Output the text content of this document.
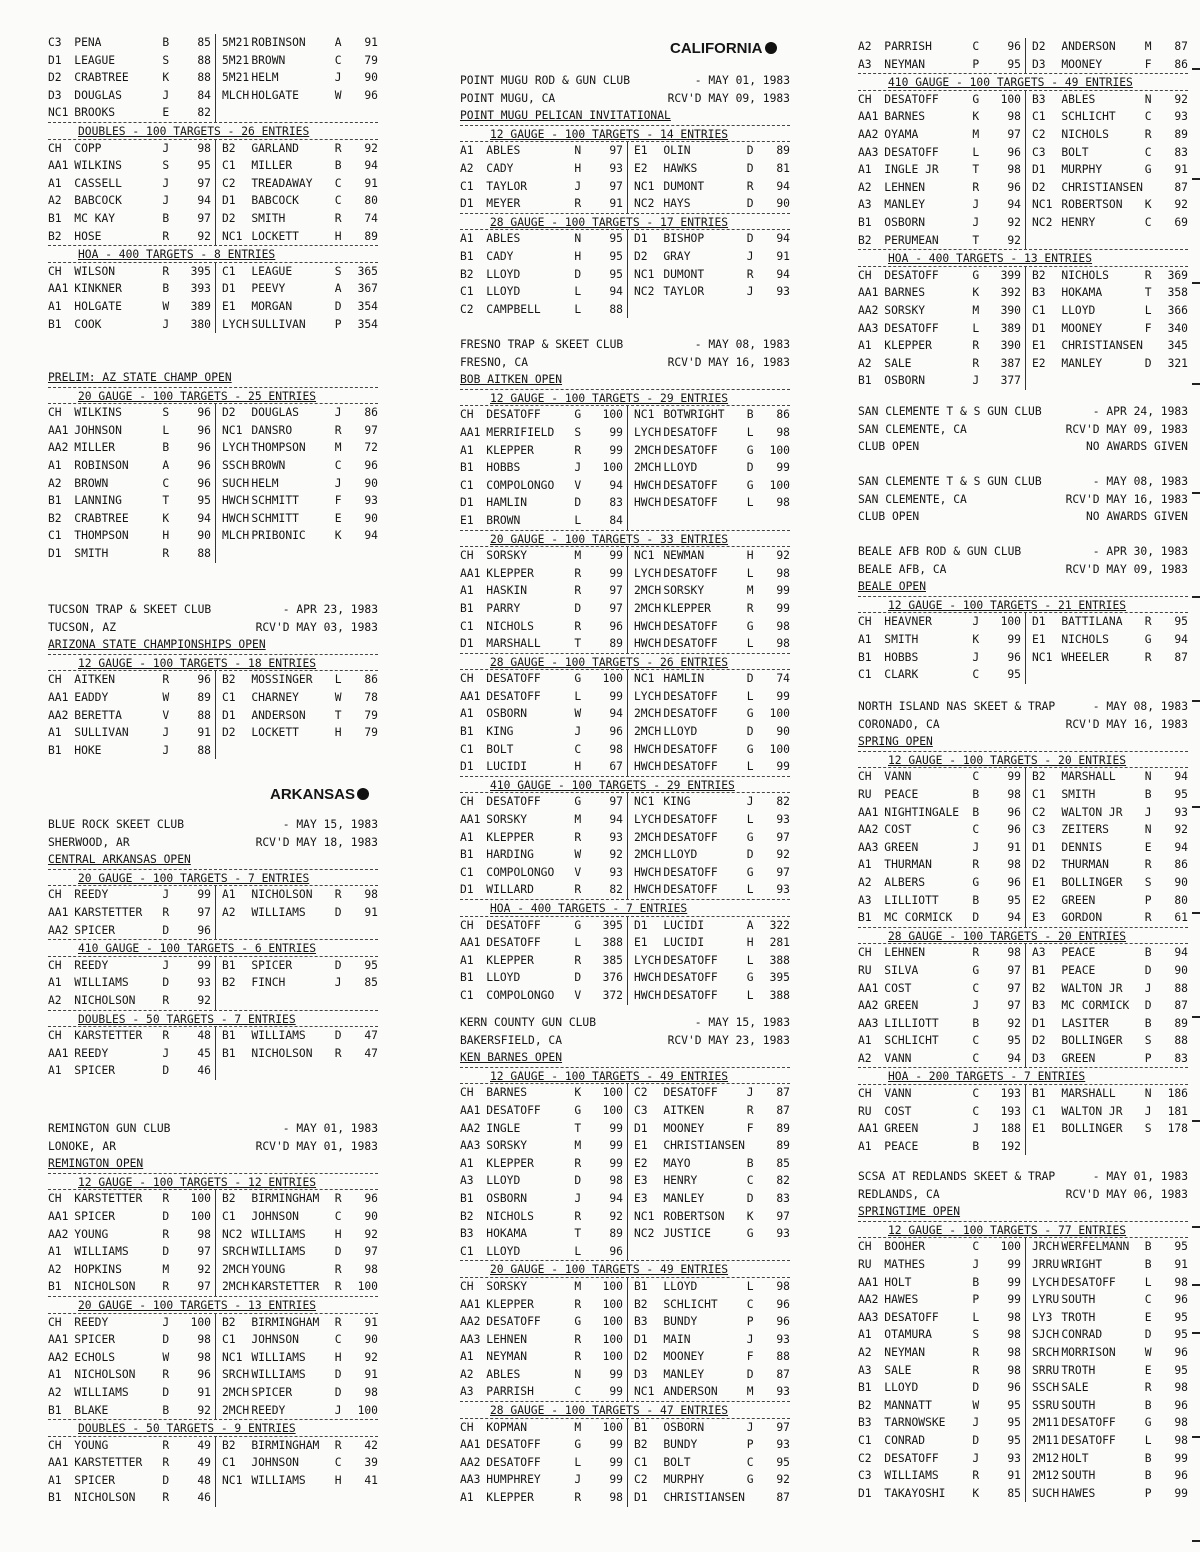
C3	PENA	B	85 5M21 ROBINSON	A	91
D1	LEAGUE	S	88 5M21 BROWN	C	79
D2	CRABTREE	K	88 5M21 HELM	J	90
D3	DOUGLAS	J	84 MLCH HOLGATE	W	96
NC1 BROOKS	E	82
DOUBLES - 100 TARGETS - 26 ENTRIES
CH	COPP	J	98 B2	GARLAND	R	92
AA1 WILKINS	S	95 C1	MILLER	B	94
A1	CASSELL	J	97 C2	TREADAWAY	C	91
A2	BABCOCK	J	94 D1	BABCOCK	C	80
B1	MC KAY	B	97 D2	SMITH	R	74
B2	HOSE	R	92 NC1 LOCKETT	H	89
HOA - 400 TARGETS - 8 ENTRIES
CH	WILSON	R	395 C1	LEAGUE	S	365
AA1 KINKNER	B	393 D1	PEEVY	A	367
A1	HOLGATE	W	389 E1	MORGAN	D	354
B1	COOK	J	380 LYCH SULLIVAN	P	354
PRELIM: AZ STATE CHAMP OPEN
20 GAUGE - 100 TARGETS - 25 ENTRIES
CH	WILKINS	S	96 D2	DOUGLAS	J	86
AA1 JOHNSON	L	96 NC1 DANSRO	R	97
AA2 MILLER	B	96 LYCH THOMPSON	M	72
A1	ROBINSON	A	96 SSCH BROWN	C	96
A2	BROWN	C	96 SUCH HELM	J	90
B1	LANNING	T	95 HWCH SCHMITT	F	93
B2	CRABTREE	K	94 HWCH SCHMITT	E	90
C1	THOMPSON	H	90 MLCH PRIBONIC	K	94
D1	SMITH	R	88
TUCSON TRAP & SKEET CLUB	- APR 23, 1983
TUCSON, AZ	RCV'D MAY 03, 1983
ARIZONA STATE CHAMPIONSHIPS OPEN
12 GAUGE - 100 TARGETS - 18 ENTRIES
CH	AITKEN	R	96 B2	MOSSINGER	L	86
AA1 EADDY	W	89 C1	CHARNEY	W	78
AA2 BERETTA	V	88 D1	ANDERSON	T	79
A1	SULLIVAN	J	91 D2	LOCKETT	H	79
B1	HOKE	J	88
BLUE ROCK SKEET CLUB	- MAY 15, 1983
SHERWOOD, AR	RCV'D MAY 18, 1983
CENTRAL ARKANSAS OPEN
20 GAUGE - 100 TARGETS - 7 ENTRIES
CH	REEDY	J	99 A1	NICHOLSON	R	98
AA1 KARSTETTER	R	97 A2	WILLIAMS	D	91
AA2 SPICER	D	96
410 GAUGE - 100 TARGETS - 6 ENTRIES
CH	REEDY	J	99 B1	SPICER	D	95
A1	WILLIAMS	D	93 B2	FINCH	J	85
A2	NICHOLSON	R	92
DOUBLES - 50 TARGETS - 7 ENTRIES
CH	KARSTETTER	R	48 B1	WILLIAMS	D	47
AA1 REEDY	J	45 B1	NICHOLSON	R	47
A1	SPICER	D	46
REMINGTON GUN CLUB	- MAY 01, 1983
LONOKE, AR	RCV'D MAY 01, 1983
REMINGTON OPEN
12 GAUGE - 100 TARGETS - 12 ENTRIES
CH	KARSTETTER	R	100 B2	BIRMINGHAM	R	96
AA1 SPICER	D	100 C1	JOHNSON	C	90
AA2 YOUNG	R	98 NC2 WILLIAMS	H	92
A1	WILLIAMS	D	97 SRCH WILLIAMS	D	97
A2	HOPKINS	M	92 2MCH YOUNG	R	98
B1	NICHOLSON	R	97 2MCH KARSTETTER	R	100
20 GAUGE - 100 TARGETS - 13 ENTRIES
CH	REEDY	J	100 B2	BIRMINGHAM	R	91
AA1 SPICER	D	98 C1	JOHNSON	C	90
AA2 ECHOLS	W	98 NC1 WILLIAMS	H	92
A1	NICHOLSON	R	96 SRCH WILLIAMS	D	91
A2	WILLIAMS	D	91 2MCH SPICER	D	98
B1	BLAKE	B	92 2MCH REEDY	J	100
DOUBLES - 50 TARGETS - 9 ENTRIES
CH	YOUNG	R	49 B2	BIRMINGHAM	R	42
AA1 KARSTETTER	R	49 C1	JOHNSON	C	39
A1	SPICER	D	48 NC1 WILLIAMS	H	41
B1	NICHOLSON	R	46
POINT MUGU ROD & GUN CLUB	- MAY 01, 1983
POINT MUGU, CA	RCV'D MAY 09, 1983
POINT MUGU PELICAN INVITATIONAL
12 GAUGE - 100 TARGETS - 14 ENTRIES
A1	ABLES	N	97 E1	OLIN	D	89
A2	CADY	H	93 E2	HAWKS	D	81
C1	TAYLOR	J	97 NC1 DUMONT	R	94
D1	MEYER	R	91 NC2 HAYS	D	90
28 GAUGE - 100 TARGETS - 17 ENTRIES
A1	ABLES	N	95 D1	BISHOP	D	94
B1	CADY	H	95 D2	GRAY	J	91
B2	LLOYD	D	95 NC1 DUMONT	R	94
C1	LLOYD	L	94 NC2 TAYLOR	J	93
C2	CAMPBELL	L	88
FRESNO TRAP & SKEET CLUB	- MAY 08, 1983
FRESNO, CA	RCV'D MAY 16, 1983
BOB AITKEN OPEN
12 GAUGE - 100 TARGETS - 29 ENTRIES
CH	DESATOFF	G	100 NC1 BOTWRIGHT	B	86
AA1 MERRIFIELD	S	99 LYCH DESATOFF	L	98
A1	KLEPPER	R	99 2MCH DESATOFF	G	100
B1	HOBBS	J	100 2MCH LLOYD	D	99
C1	COMPOLONGO	V	94 HWCH DESATOFF	G	100
D1	HAMLIN	D	83 HWCH DESATOFF	L	98
E1	BROWN	L	84
20 GAUGE - 100 TARGETS - 33 ENTRIES
CH	SORSKY	M	99 NC1 NEWMAN	H	92
AA1 KLEPPER	R	99 LYCH DESATOFF	L	98
A1	HASKIN	R	97 2MCH SORSKY	M	99
B1	PARRY	D	97 2MCH KLEPPER	R	99
C1	NICHOLS	R	96 HWCH DESATOFF	G	98
D1	MARSHALL	T	89 HWCH DESATOFF	L	98
28 GAUGE - 100 TARGETS - 26 ENTRIES
CH	DESATOFF	G	100 NC1 HAMLIN	D	74
AA1 DESATOFF	L	99 LYCH DESATOFF	L	99
A1	OSBORN	W	94 2MCH DESATOFF	G	100
B1	KING	J	96 2MCH LLOYD	D	90
C1	BOLT	C	98 HWCH DESATOFF	G	100
D1	LUCIDI	H	67 HWCH DESATOFF	L	99
410 GAUGE - 100 TARGETS - 29 ENTRIES
CH	DESATOFF	G	97 NC1 KING	J	82
AA1 SORSKY	M	94 LYCH DESATOFF	L	93
A1	KLEPPER	R	93 2MCH DESATOFF	G	97
B1	HARDING	W	92 2MCH LLOYD	D	92
C1	COMPOLONGO	V	93 HWCH DESATOFF	G	97
D1	WILLARD	R	82 HWCH DESATOFF	L	93
HOA - 400 TARGETS - 7 ENTRIES
CH	DESATOFF	G	395 D1	LUCIDI	A	322
AA1 DESATOFF	L	388 E1	LUCIDI	H	281
A1	KLEPPER	R	385 LYCH DESATOFF	L	388
B1	LLOYD	D	376 HWCH DESATOFF	G	395
C1	COMPOLONGO	V	372 HWCH DESATOFF	L	388
KERN COUNTY GUN CLUB	- MAY 15, 1983
BAKERSFIELD, CA	RCV'D MAY 23, 1983
KEN BARNES OPEN
12 GAUGE - 100 TARGETS - 49 ENTRIES
CH	BARNES	K	100 C2	DESATOFF	J	87
AA1 DESATOFF	G	100 C3	AITKEN	R	87
AA2 INGLE	T	99 D1	MOONEY	F	89
AA3 SORSKY	M	99 E1	CHRISTIANSEN	89
A1	KLEPPER	R	99 E2	MAYO	B	85
A3	LLOYD	D	98 E3	HENRY	C	82
B1	OSBORN	J	94 E3	MANLEY	D	83
B2	NICHOLS	R	92 NC1 ROBERTSON	K	97
B3	HOKAMA	T	89 NC2 JUSTICE	G	93
C1	LLOYD	L	96
20 GAUGE - 100 TARGETS - 49 ENTRIES
CH	SORSKY	M	100 B1	LLOYD	L	98
AA1 KLEPPER	R	100 B2	SCHLICHT	C	96
AA2 DESATOFF	G	100 B3	BUNDY	P	96
AA3 LEHNEN	R	100 D1	MAIN	J	93
A1	NEYMAN	R	100 D2	MOONEY	F	88
A2	ABLES	N	99 D3	MANLEY	D	87
A3	PARRISH	C	99 NC1 ANDERSON	M	93
28 GAUGE - 100 TARGETS - 47 ENTRIES
CH	KOPMAN	M	100 B1	OSBORN	J	97
AA1 DESATOFF	G	99 B2	BUNDY	P	93
AA2 DESATOFF	L	99 C1	BOLT	C	95
AA3 HUMPHREY	J	99 C2	MURPHY	G	92
A1	KLEPPER	R	98 D1	CHRISTIANSEN	87
A2	PARRISH	C	96 D2	ANDERSON	M	87
A3	NEYMAN	P	95 D3	MOONEY	F	86
410 GAUGE - 100 TARGETS - 49 ENTRIES
CH	DESATOFF	G	100 B3	ABLES	N	92
AA1 BARNES	K	98 C1	SCHLICHT	C	93
AA2 OYAMA	M	97 C2	NICHOLS	R	89
AA3 DESATOFF	L	96 C3	BOLT	C	83
A1	INGLE JR	T	98 D1	MURPHY	G	91
A2	LEHNEN	R	96 D2	CHRISTIANSEN	87
A3	MANLEY	J	94 NC1 ROBERTSON	K	92
B1	OSBORN	J	92 NC2 HENRY	C	69
B2	PERUMEAN	T	92
HOA - 400 TARGETS - 13 ENTRIES
CH	DESATOFF	G	399 B2	NICHOLS	R	369
AA1 BARNES	K	392 B3	HOKAMA	T	358
AA2 SORSKY	M	390 C1	LLOYD	L	366
AA3 DESATOFF	L	389 D1	MOONEY	F	340
A1	KLEPPER	R	390 E1	CHRISTIANSEN	345
A2	SALE	R	387 E2	MANLEY	D	321
B1	OSBORN	J	377
SAN CLEMENTE T & S GUN CLUB	- APR 24, 1983
SAN CLEMENTE, CA	RCV'D MAY 09, 1983
CLUB OPEN	NO AWARDS GIVEN
SAN CLEMENTE T & S GUN CLUB	- MAY 08, 1983
SAN CLEMENTE, CA	RCV'D MAY 16, 1983
CLUB OPEN	NO AWARDS GIVEN
BEALE AFB ROD & GUN CLUB	- APR 30, 1983
BEALE AFB, CA	RCV'D MAY 09, 1983
BEALE OPEN
12 GAUGE - 100 TARGETS - 21 ENTRIES
CH	HEAVNER	J	100 D1	BATTILANA	R	95
A1	SMITH	K	99 E1	NICHOLS	G	94
B1	HOBBS	J	96 NC1 WHEELER	R	87
C1	CLARK	C	95
NORTH ISLAND NAS SKEET & TRAP	- MAY 08, 1983
CORONADO, CA	RCV'D MAY 16, 1983
SPRING OPEN
12 GAUGE - 100 TARGETS - 20 ENTRIES
CH	VANN	C	99 B2	MARSHALL	N	94
RU	PEACE	B	98 C1	SMITH	B	95
AA1 NIGHTINGALE	B	96 C2	WALTON JR	J	93
AA2 COST	C	96 C3	ZEITERS	N	92
AA3 GREEN	J	91 D1	DENNIS	E	94
A1	THURMAN	R	98 D2	THURMAN	R	86
A2	ALBERS	G	96 E1	BOLLINGER	S	90
A3	LILLIOTT	B	95 E2	GREEN	P	80
B1	MC CORMICK	D	94 E3	GORDON	R	61
28 GAUGE - 100 TARGETS - 20 ENTRIES
CH	LEHNEN	R	98 A3	PEACE	B	94
RU	SILVA	G	97 B1	PEACE	D	90
AA1 COST	C	97 B2	WALTON JR	J	88
AA2 GREEN	J	97 B3	MC CORMICK	D	87
AA3 LILLIOTT	B	92 D1	LASITER	B	89
A1	SCHLICHT	C	95 D2	BOLLINGER	S	88
A2	VANN	C	94 D3	GREEN	P	83
HOA - 200 TARGETS - 7 ENTRIES
CH	VANN	C	193 B1	MARSHALL	N	186
RU	COST	C	193 C1	WALTON JR	J	181
AA1 GREEN	J	188 E1	BOLLINGER	S	178
A1	PEACE	B	192
SCSA AT REDLANDS SKEET & TRAP	- MAY 01, 1983
REDLANDS, CA	RCV'D MAY 06, 1983
SPRINGTIME OPEN
12 GAUGE - 100 TARGETS - 77 ENTRIES
CH	BOOHER	C	100 JRCH WERFELMANN	B	95
RU	MATHES	J	99 JRRU WRIGHT	B	91
AA1 HOLT	B	99 LYCH DESATOFF	L	98
AA2 HAWES	P	99 LYRU SOUTH	C	96
AA3 DESATOFF	L	98 LY3 TROTH	E	95
A1	OTAMURA	S	98 SJCH CONRAD	D	95
A2	NEYMAN	R	98 SRCH MORRISON	W	96
A3	SALE	R	98 SRRU TROTH	E	95
B1	LLOYD	D	96 SSCH SALE	R	98
B2	MANNATT	W	95 SSRU SOUTH	B	96
B3	TARNOWSKE	J	95 2M11 DESATOFF	G	98
C1	CONRAD	D	95 2M11 DESATOFF	L	98
C2	DESATOFF	J	93 2M12 HOLT	B	99
C3	WILLIAMS	R	91 2M12 SOUTH	B	96
D1	TAKAYOSHI	K	85 SUCH HAWES	P	99
CALIFORNIA
ARKANSAS
